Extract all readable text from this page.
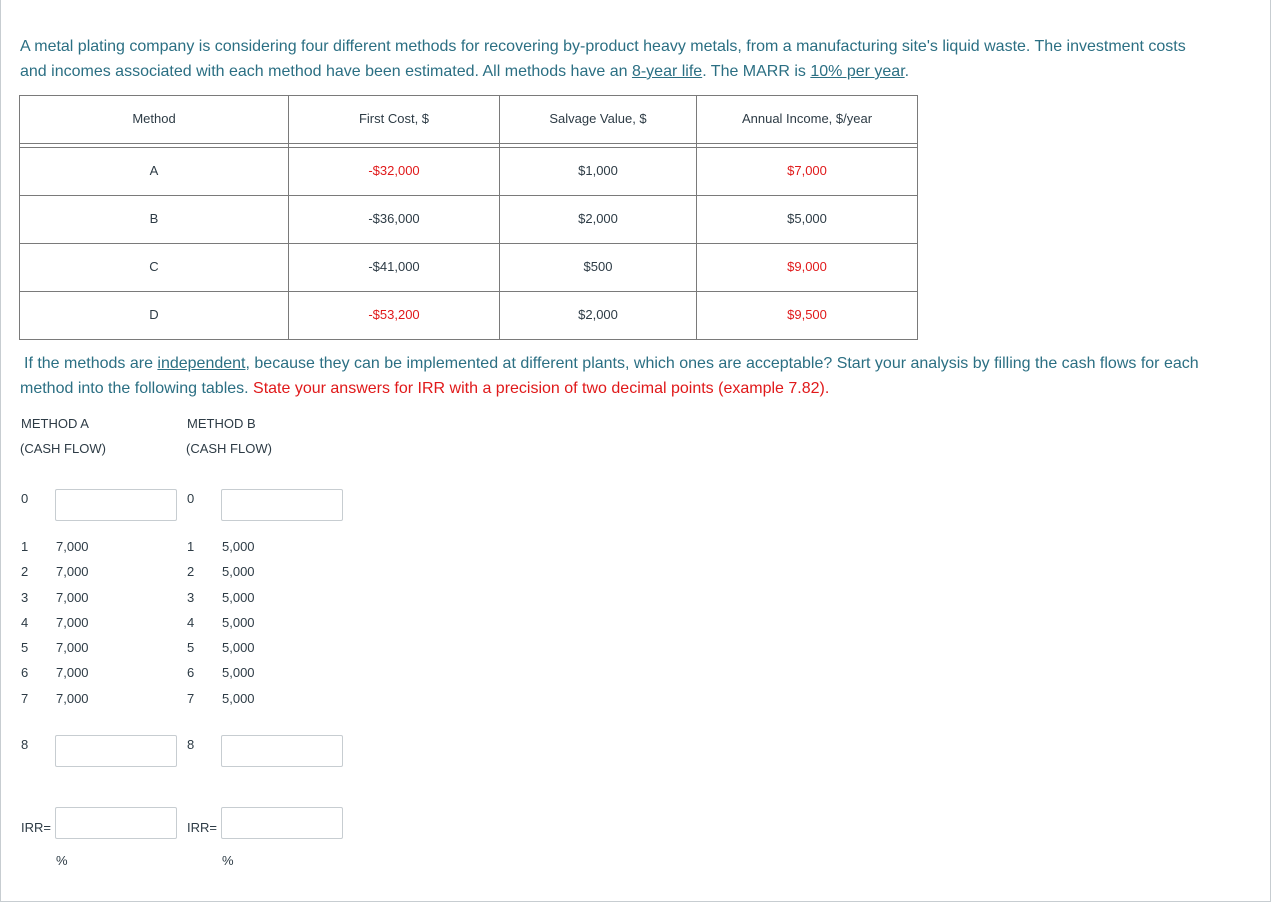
A metal plating company is considering four different methods for recovering by-product heavy metals, from a manufacturing site's liquid waste. The investment costs
and incomes associated with each method have been estimated. All methods have an 8-year life. The MARR is 10% per year.
Method	First Cost, $	Salvage Value, $	Annual Income, $/year
A	-$32,000	$1,000	$7,000
B	-$36,000	$2,000	$5,000
C	-$41,000	$500	$9,000
D	-$53,200	$2,000	$9,500
If the methods are independent, because they can be implemented at different plants, which ones are acceptable? Start your analysis by filling the cash flows for each
method into the following tables. State your answers for IRR with a precision of two decimal points (example 7.82).
METHOD A
(CASH FLOW)
0
1 7,000
2 7,000
3 7,000
4 7,000
5 7,000
6 7,000
7 7,000
8
IRR=
%
METHOD B
(CASH FLOW)
0
1 5,000
2 5,000
3 5,000
4 5,000
5 5,000
6 5,000
7 5,000
8
IRR=
%
